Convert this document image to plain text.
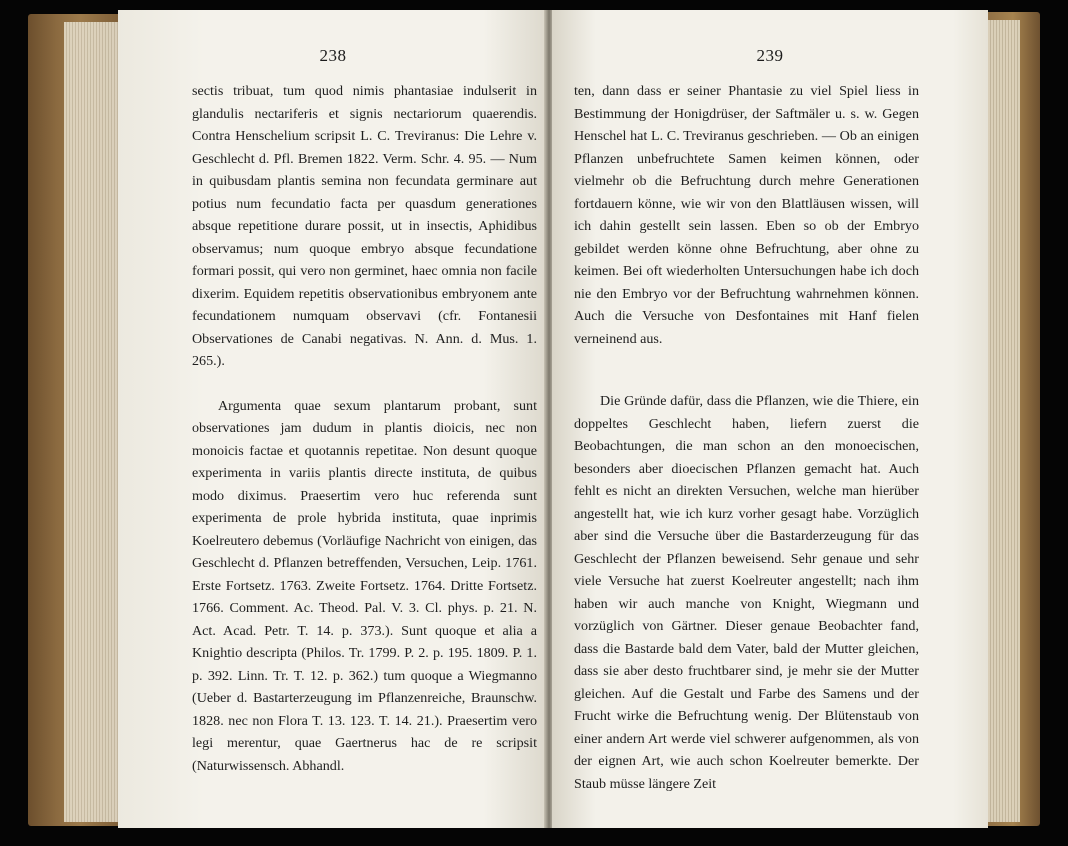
238

sectis tribuat, tum quod nimis phantasiae indulserit in glandulis nectariferis et signis nectariorum quaerendis. Contra Henschelium scripsit L. C. Treviranus: Die Lehre v. Geschlecht d. Pfl. Bremen 1822. Verm. Schr. 4. 95. — Num in quibusdam plantis semina non fecundata germinare aut potius num fecundatio facta per quasdum generationes absque repetitione durare possit, ut in insectis, Aphidibus observamus; num quoque embryo absque fecundatione formari possit, qui vero non germinet, haec omnia non facile dixerim. Equidem repetitis observationibus embryonem ante fecundationem numquam observavi (cfr. Fontanesii Observationes de Canabi negativas. N. Ann. d. Mus. 1. 265.).

Argumenta quae sexum plantarum probant, sunt observationes jam dudum in plantis dioicis, nec non monoicis factae et quotannis repetitae. Non desunt quoque experimenta in variis plantis directe instituta, de quibus modo diximus. Praesertim vero huc referenda sunt experimenta de prole hybrida instituta, quae inprimis Koelreutero debemus (Vorläufige Nachricht von einigen, das Geschlecht d. Pflanzen betreffenden, Versuchen, Leip. 1761. Erste Fortsetz. 1763. Zweite Fortsetz. 1764. Dritte Fortsetz. 1766. Comment. Ac. Theod. Pal. V. 3. Cl. phys. p. 21. N. Act. Acad. Petr. T. 14. p. 373.). Sunt quoque et alia a Knightio descripta (Philos. Tr. 1799. P. 2. p. 195. 1809. P. 1. p. 392. Linn. Tr. T. 12. p. 362.) tum quoque a Wiegmanno (Ueber d. Bastarterzeugung im Pflanzenreiche, Braunschw. 1828. nec non Flora T. 13. 123. T. 14. 21.). Praesertim vero legi merentur, quae Gaertnerus hac de re scripsit (Naturwissensch. Abhandl.

239

ten, dann dass er seiner Phantasie zu viel Spiel liess in Bestimmung der Honigdrüser, der Saftmäler u. s. w. Gegen Henschel hat L. C. Treviranus geschrieben. — Ob an einigen Pflanzen unbefruchtete Samen keimen können, oder vielmehr ob die Befruchtung durch mehre Generationen fortdauern könne, wie wir von den Blattläusen wissen, will ich dahin gestellt sein lassen. Eben so ob der Embryo gebildet werden könne ohne Befruchtung, aber ohne zu keimen. Bei oft wiederholten Untersuchungen habe ich doch nie den Embryo vor der Befruchtung wahrnehmen können. Auch die Versuche von Desfontaines mit Hanf fielen verneinend aus.

Die Gründe dafür, dass die Pflanzen, wie die Thiere, ein doppeltes Geschlecht haben, liefern zuerst die Beobachtungen, die man schon an den monoecischen, besonders aber dioecischen Pflanzen gemacht hat. Auch fehlt es nicht an direkten Versuchen, welche man hierüber angestellt hat, wie ich kurz vorher gesagt habe. Vorzüglich aber sind die Versuche über die Bastarderzeugung für das Geschlecht der Pflanzen beweisend. Sehr genaue und sehr viele Versuche hat zuerst Koelreuter angestellt; nach ihm haben wir auch manche von Knight, Wiegmann und vorzüglich von Gärtner. Dieser genaue Beobachter fand, dass die Bastarde bald dem Vater, bald der Mutter gleichen, dass sie aber desto fruchtbarer sind, je mehr sie der Mutter gleichen. Auf die Gestalt und Farbe des Samens und der Frucht wirke die Befruchtung wenig. Der Blütenstaub von einer andern Art werde viel schwerer aufgenommen, als von der eignen Art, wie auch schon Koelreuter bemerkte. Der Staub müsse längere Zeit
